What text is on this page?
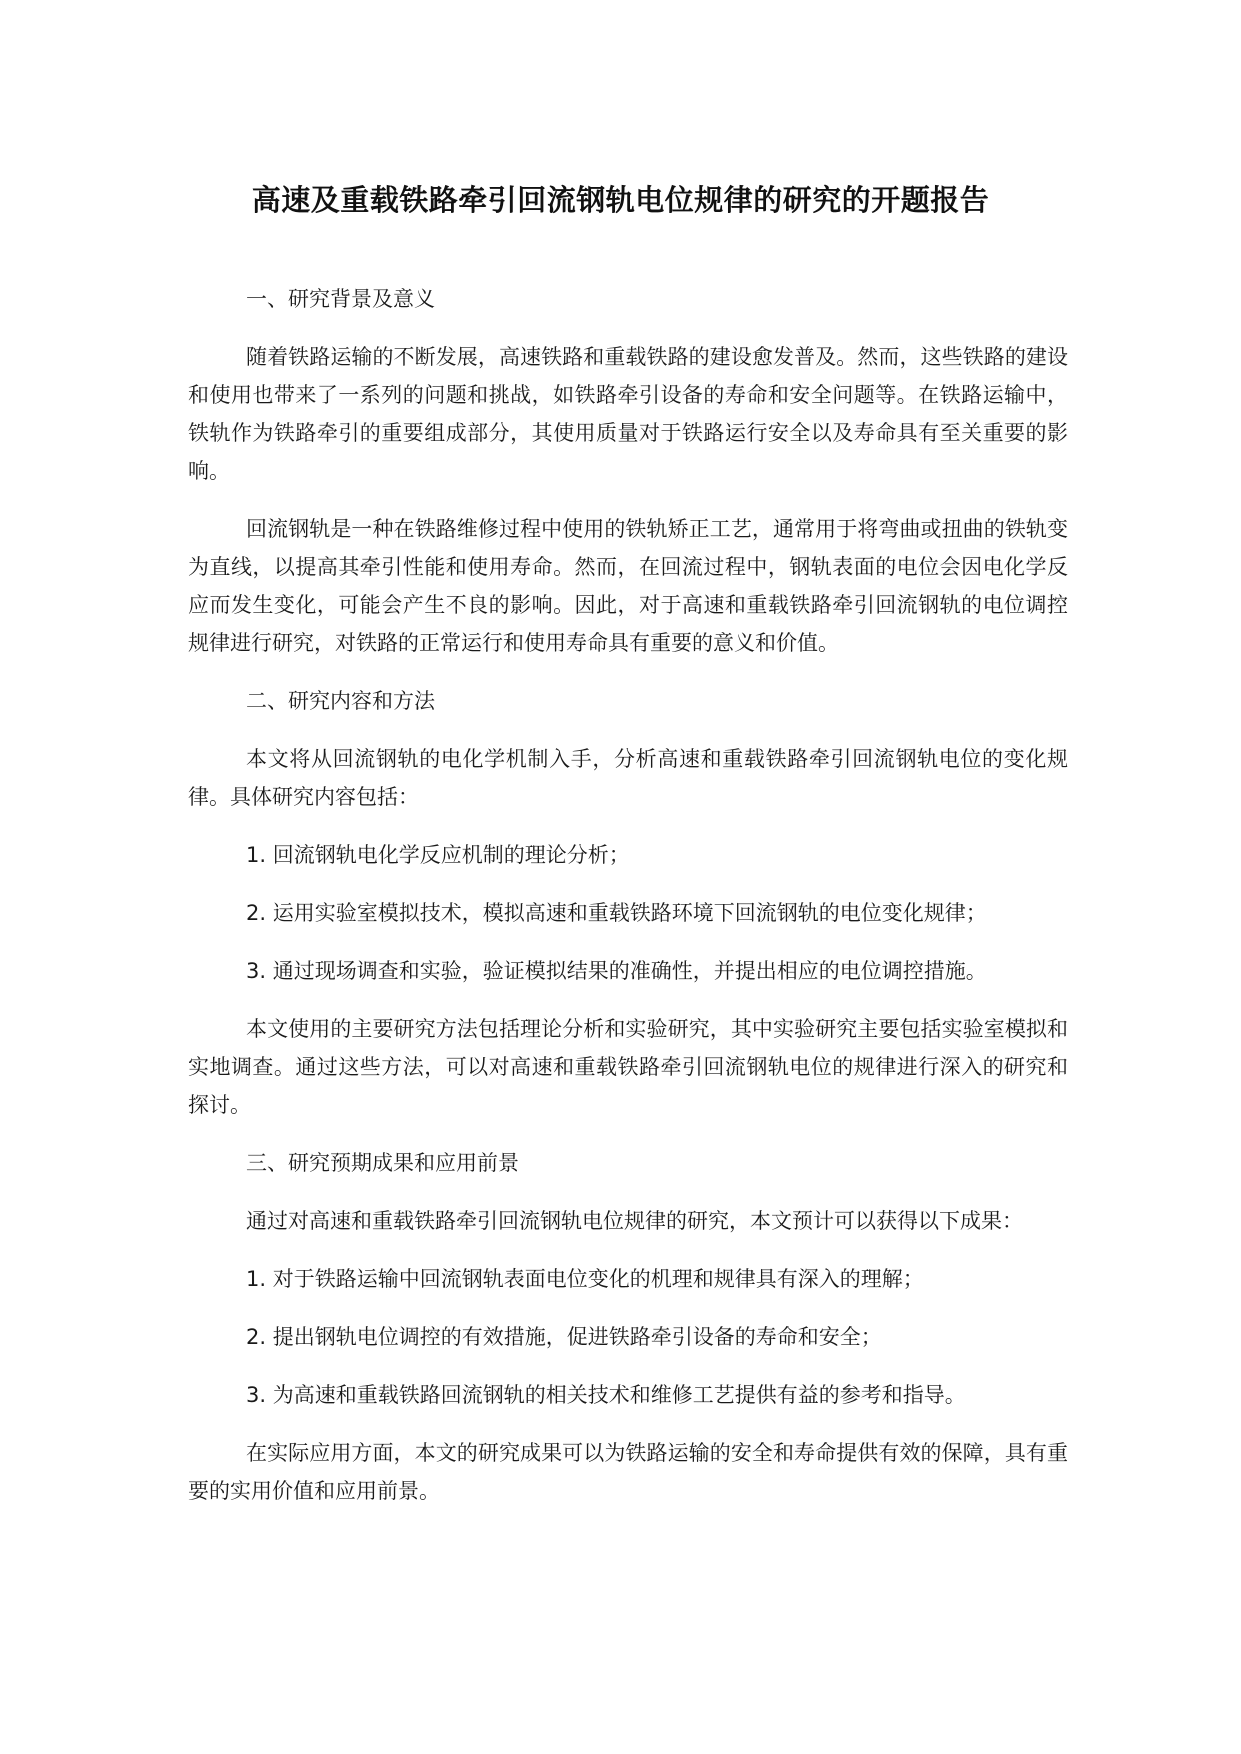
高速及重载铁路牵引回流钢轨电位规律的研究的开题报告

一、研究背景及意义

随着铁路运输的不断发展，高速铁路和重载铁路的建设愈发普及。然而，这些铁路的建设和使用也带来了一系列的问题和挑战，如铁路牵引设备的寿命和安全问题等。在铁路运输中，铁轨作为铁路牵引的重要组成部分，其使用质量对于铁路运行安全以及寿命具有至关重要的影响。

回流钢轨是一种在铁路维修过程中使用的铁轨矫正工艺，通常用于将弯曲或扭曲的铁轨变为直线，以提高其牵引性能和使用寿命。然而，在回流过程中，钢轨表面的电位会因电化学反应而发生变化，可能会产生不良的影响。因此，对于高速和重载铁路牵引回流钢轨的电位调控规律进行研究，对铁路的正常运行和使用寿命具有重要的意义和价值。

二、研究内容和方法

本文将从回流钢轨的电化学机制入手，分析高速和重载铁路牵引回流钢轨电位的变化规律。具体研究内容包括：

1. 回流钢轨电化学反应机制的理论分析；

2. 运用实验室模拟技术，模拟高速和重载铁路环境下回流钢轨的电位变化规律；

3. 通过现场调查和实验，验证模拟结果的准确性，并提出相应的电位调控措施。

本文使用的主要研究方法包括理论分析和实验研究，其中实验研究主要包括实验室模拟和实地调查。通过这些方法，可以对高速和重载铁路牵引回流钢轨电位的规律进行深入的研究和探讨。

三、研究预期成果和应用前景

通过对高速和重载铁路牵引回流钢轨电位规律的研究，本文预计可以获得以下成果：

1. 对于铁路运输中回流钢轨表面电位变化的机理和规律具有深入的理解；

2. 提出钢轨电位调控的有效措施，促进铁路牵引设备的寿命和安全；

3. 为高速和重载铁路回流钢轨的相关技术和维修工艺提供有益的参考和指导。

在实际应用方面，本文的研究成果可以为铁路运输的安全和寿命提供有效的保障，具有重要的实用价值和应用前景。
